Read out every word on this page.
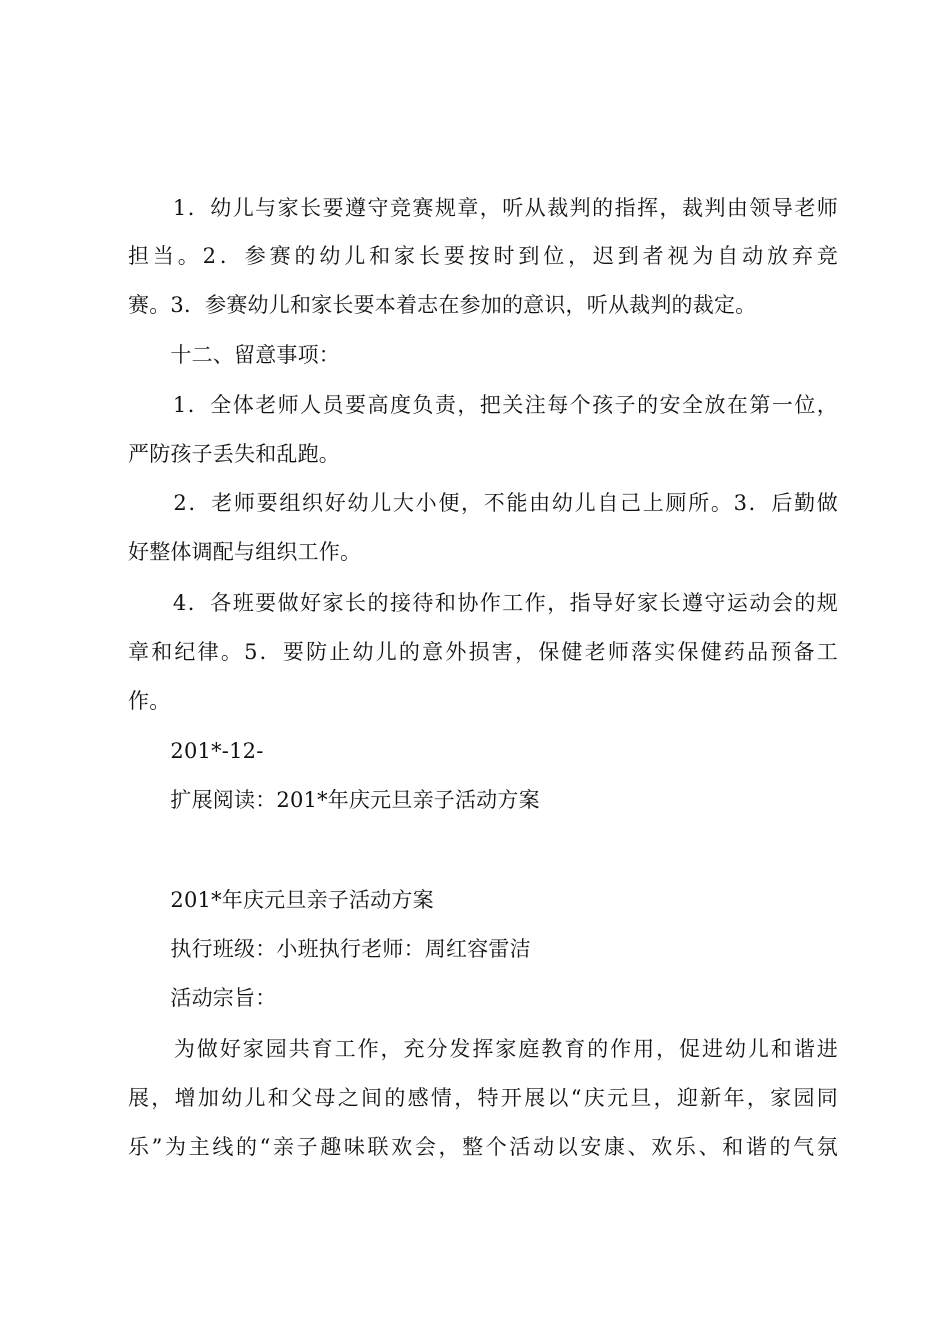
　　1．幼儿与家长要遵守竞赛规章，听从裁判的指挥，裁判由领导老师
担当。2．参赛的幼儿和家长要按时到位，迟到者视为自动放弃竞
赛。3．参赛幼儿和家长要本着志在参加的意识，听从裁判的裁定。
　　十二、留意事项：
　　1．全体老师人员要高度负责，把关注每个孩子的安全放在第一位，
严防孩子丢失和乱跑。
　　2．老师要组织好幼儿大小便，不能由幼儿自己上厕所。3．后勤做
好整体调配与组织工作。
　　4．各班要做好家长的接待和协作工作，指导好家长遵守运动会的规
章和纪律。5．要防止幼儿的意外损害，保健老师落实保健药品预备工
作。
　　201*-12-
　　扩展阅读：201*年庆元旦亲子活动方案
　　201*年庆元旦亲子活动方案
　　执行班级：小班执行老师：周红容雷洁
　　活动宗旨：
　　为做好家园共育工作，充分发挥家庭教育的作用，促进幼儿和谐进
展，增加幼儿和父母之间的感情，特开展以“庆元旦，迎新年，家园同
乐”为主线的“亲子趣味联欢会，整个活动以安康、欢乐、和谐的气氛
